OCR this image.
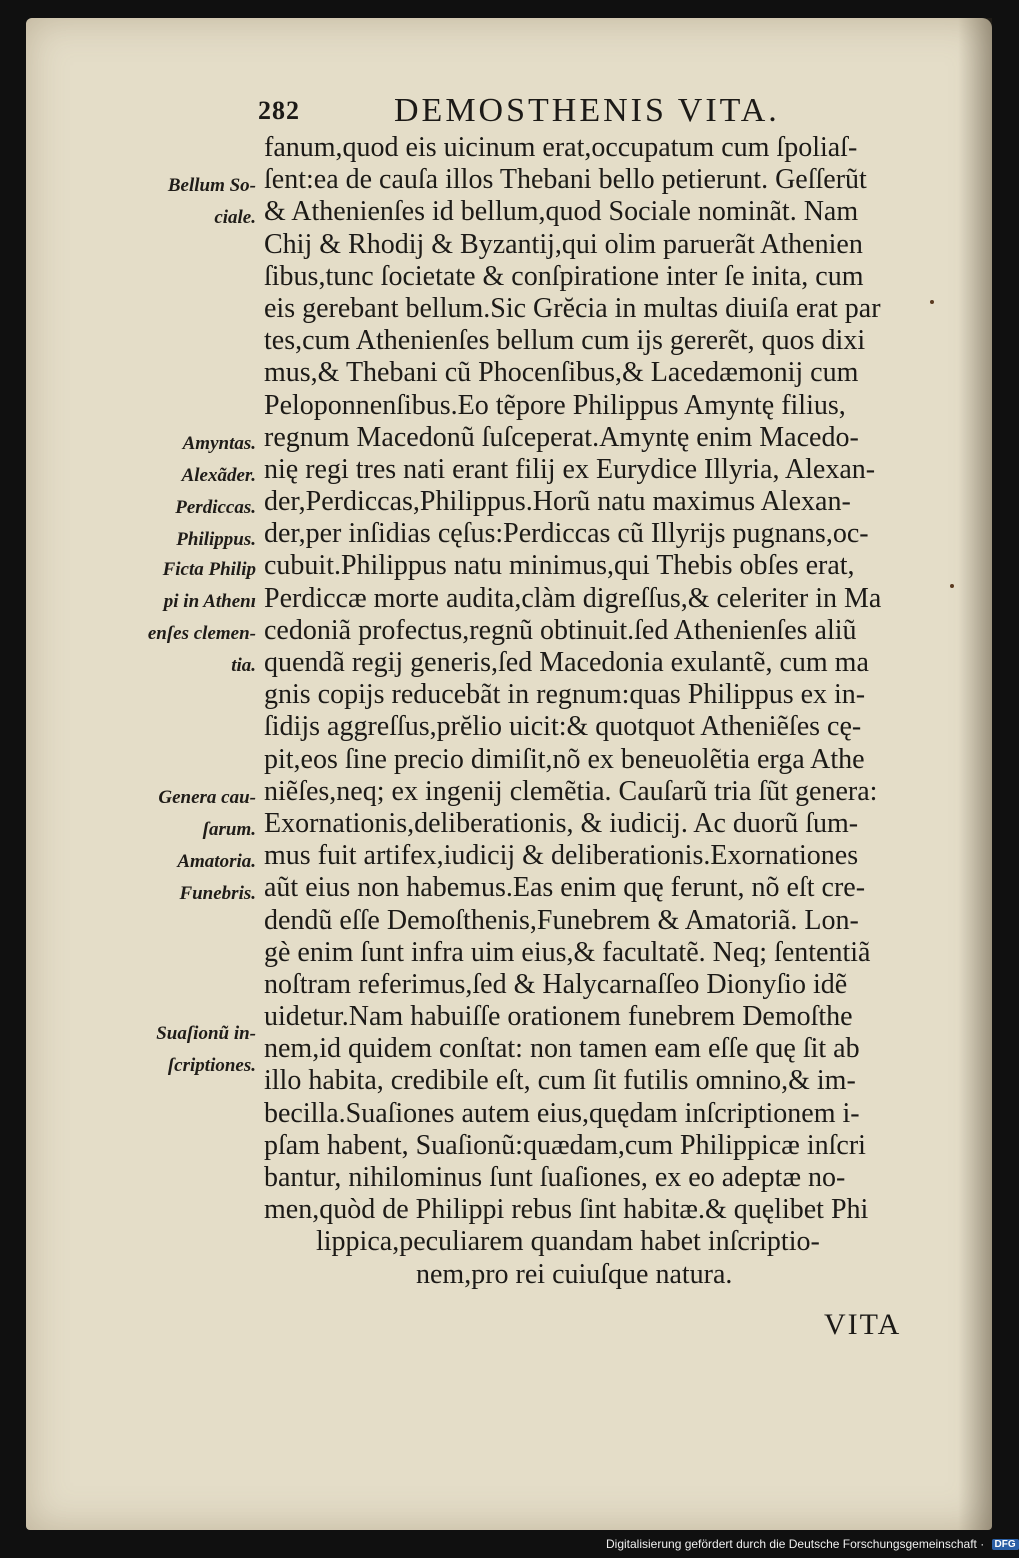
282	DEMOSTHENIS VITA.
fanum,quod eis uicinum erat,occupatum cum ſpoliaſ-
ſent:ea de cauſa illos Thebani bello petierunt. Geſſerũt
& Athenienſes id bellum,quod Sociale nominãt. Nam
Chij & Rhodij & Byzantij,qui olim paruerãt Athenien
ſibus,tunc ſocietate & conſpiratione inter ſe inita, cum
eis gerebant bellum.Sic Grĕcia in multas diuiſa erat par
tes,cum Athenienſes bellum cum ijs gererẽt, quos dixi
mus,& Thebani cũ Phocenſibus,& Lacedæmonij cum
Peloponnenſibus.Eo tẽpore Philippus Amyntę filius,
regnum Macedonũ ſuſceperat.Amyntę enim Macedo-
nię regi tres nati erant filij ex Eurydice Illyria, Alexan-
der,Perdiccas,Philippus.Horũ natu maximus Alexan-
der,per inſidias cęſus:Perdiccas cũ Illyrijs pugnans,oc-
cubuit.Philippus natu minimus,qui Thebis obſes erat,
Perdiccæ morte audita,clàm digreſſus,& celeriter in Ma
cedoniã profectus,regnũ obtinuit.ſed Athenienſes aliũ
quendã regij generis,ſed Macedonia exulantẽ, cum ma
gnis copijs reducebãt in regnum:quas Philippus ex in-
ſidijs aggreſſus,prĕlio uicit:& quotquot Atheniẽſes cę-
pit,eos ſine precio dimiſit,nõ ex beneuolẽtia erga Athe
niẽſes,neq; ex ingenij clemẽtia. Cauſarũ tria ſũt genera:
Exornationis,deliberationis, & iudicij. Ac duorũ ſum-
mus fuit artifex,iudicij & deliberationis.Exornationes
aũt eius non habemus.Eas enim quę ferunt, nõ eſt cre-
dendũ eſſe Demoſthenis,Funebrem & Amatoriã. Lon-
gè enim ſunt infra uim eius,& facultatẽ. Neq; ſententiã
noſtram referimus,ſed & Halycarnaſſeo Dionyſio idẽ
uidetur.Nam habuiſſe orationem funebrem Demoſthe
nem,id quidem conſtat: non tamen eam eſſe quę ſit ab
illo habita, credibile eſt, cum ſit futilis omnino,& im-
becilla.Suaſiones autem eius,quędam inſcriptionem i-
pſam habent, Suaſionũ:quædam,cum Philippicæ inſcri
bantur, nihilominus ſunt ſuaſiones, ex eo adeptæ no-
men,quòd de Philippi rebus ſint habitæ.& quęlibet Phi
lippica,peculiarem quandam habet inſcriptio-
nem,pro rei cuiuſque natura.
Bellum So-
ciale.
Amyntas.
Alexãder.
Perdiccas.
Philippus.
Ficta Philip
pi in Athenı
enſes clemen-
tia.
Genera cau-
ſarum.
Amatoria.
Funebris.
Suaſionũ in-
ſcriptiones.
VITA
Digitalisierung gefördert durch die Deutsche Forschungsgemeinschaft · DFG
